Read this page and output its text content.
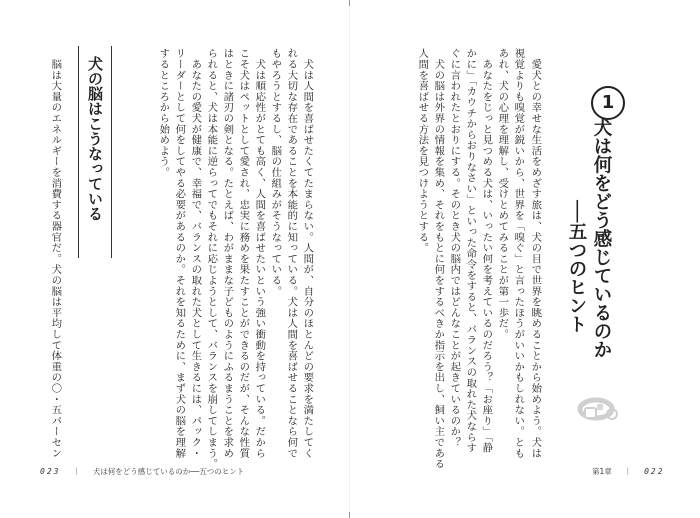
1
犬は何をどう感じているのか
──五つのヒント
　愛犬との幸せな生活をめざす旅は、犬の目で世界を眺めることから始めよう。犬は
視覚よりも嗅覚が鋭いから、世界を「嗅ぐ」と言ったほうがいいかもしれない。とも
あれ、犬の心理を理解し、受けとめてみることが第一歩だ。
　あなたをじっと見つめる犬は、いったい何を考えているのだろう？「お座り」「静
かに」「カウチからおりなさい」といった命令をすると、バランスの取れた犬ならす
ぐに言われたとおりにする。そのとき犬の脳内ではどんなことが起きているのか？
　犬の脳は外界の情報を集め、それをもとに何をするべきか指示を出し、飼い主である
人間を喜ばせる方法を見つけようとする。
第1章 ｜ 022
　犬は人間を喜ばせたくてたまらない。人間が、自分のほとんどの要求を満たしてく
れる大切な存在であることを本能的に知っている。犬は人間を喜ばせることなら何で
もやろうとするし、脳の仕組みがそうなっている。
　犬は順応性がとても高く、人間を喜ばせたいという強い衝動を持っている。だから
こそ犬はペットとして愛され、忠実に務めを果たすことができるのだが、そんな性質
はときに諸刃の剣となる。たとえば、わがままな子どものようにふるまうことを求め
られると、犬は本能に逆らってでもそれに応じようとして、バランスを崩してしまう。
　あなたの愛犬が健康で、幸福で、バランスの取れた犬として生きるには、パック・
リーダーとして何をしてやる必要があるのか。それを知るために、まず犬の脳を理解
するところから始めよう。
犬の脳はこうなっている
　脳は大量のエネルギーを消費する器官だ。犬の脳は平均して体重の〇・五パーセン
023 ｜ 犬は何をどう感じているのか──五つのヒント
